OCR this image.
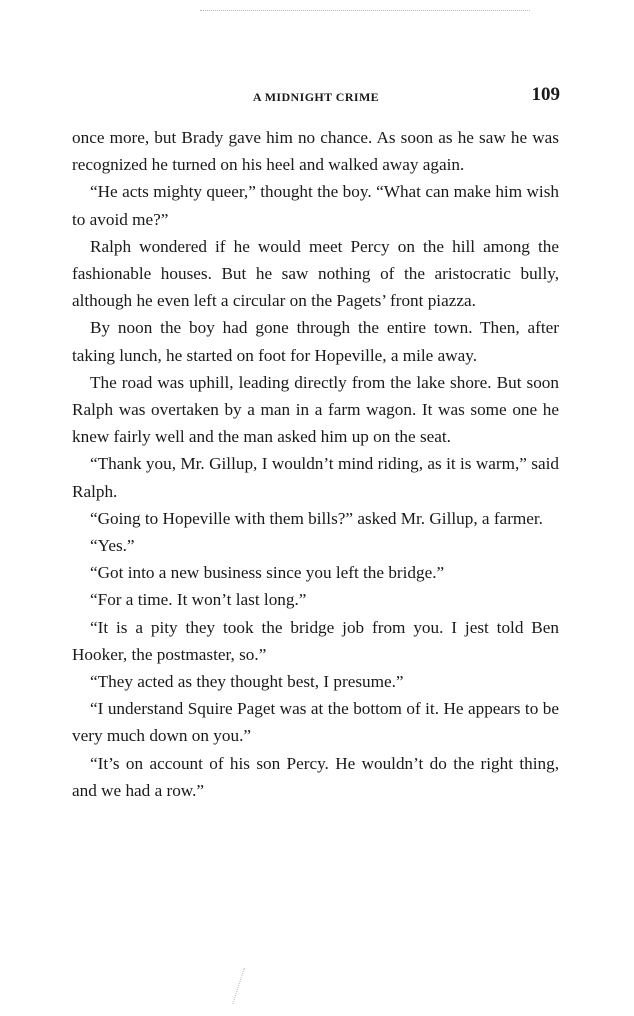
A MIDNIGHT CRIME	109

once more, but Brady gave him no chance. As soon as he saw he was recognized he turned on his heel and walked away again.

“He acts mighty queer,” thought the boy. “What can make him wish to avoid me?”

Ralph wondered if he would meet Percy on the hill among the fashionable houses. But he saw nothing of the aristocratic bully, although he even left a circular on the Pagets’ front piazza.

By noon the boy had gone through the entire town. Then, after taking lunch, he started on foot for Hopeville, a mile away.

The road was uphill, leading directly from the lake shore. But soon Ralph was overtaken by a man in a farm wagon. It was some one he knew fairly well and the man asked him up on the seat.

“Thank you, Mr. Gillup, I wouldn’t mind riding, as it is warm,” said Ralph.

“Going to Hopeville with them bills?” asked Mr. Gillup, a farmer.

“Yes.”

“Got into a new business since you left the bridge.”

“For a time. It won’t last long.”

“It is a pity they took the bridge job from you. I jest told Ben Hooker, the postmaster, so.”

“They acted as they thought best, I presume.”

“I understand Squire Paget was at the bottom of it. He appears to be very much down on you.”

“It’s on account of his son Percy. He wouldn’t do the right thing, and we had a row.”
